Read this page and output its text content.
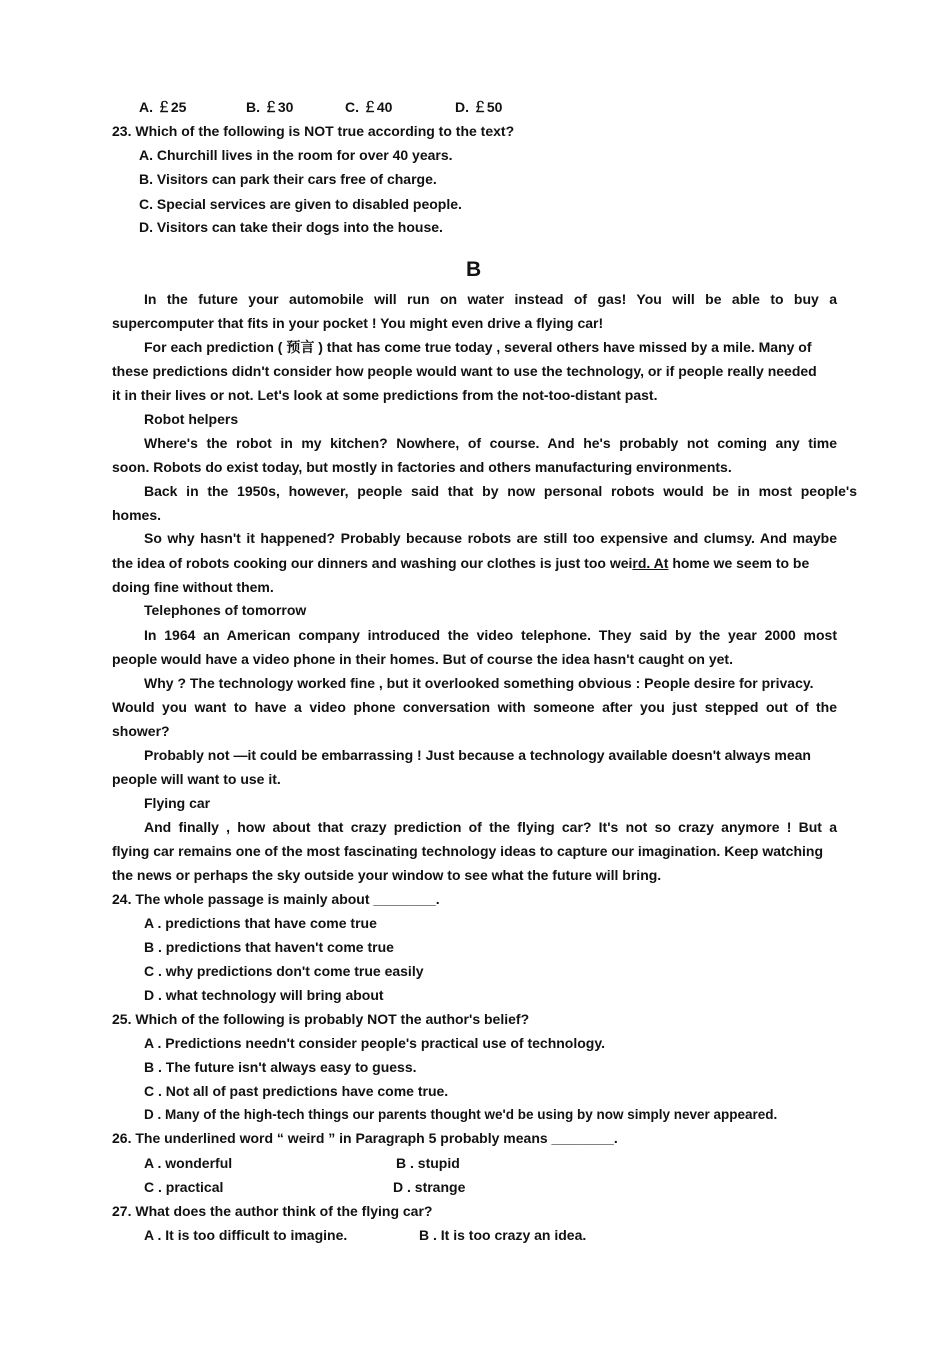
A. ￡25	B. ￡30	C. ￡40	D. ￡50
23. Which of the following is NOT true according to the text?
A. Churchill lives in the room for over 40 years.
B. Visitors can park their cars free of charge.
C. Special services are given to disabled people.
D. Visitors can take their dogs into the house.
B
In the future your automobile will run on water instead of gas! You will be able to buy a
supercomputer that fits in your pocket ! You might even drive a flying car!
For each prediction ( 预言 ) that has come true today , several others have missed by a mile. Many of
these predictions didn't consider how people would want to use the technology, or if people really needed
it in their lives or not. Let's look at some predictions from the not-too-distant past.
Robot helpers
Where's the robot in my kitchen? Nowhere, of course. And he's probably not coming any time
soon. Robots do exist today, but mostly in factories and others manufacturing environments.
Back in the 1950s, however, people said that by now personal robots would be in most people's
homes.
So why hasn't it happened? Probably because robots are still too expensive and clumsy. And maybe
the idea of robots cooking our dinners and washing our clothes is just too weird. At home we seem to be
doing fine without them.
Telephones of tomorrow
In 1964 an American company introduced the video telephone. They said by the year 2000 most
people would have a video phone in their homes. But of course the idea hasn't caught on yet.
Why ? The technology worked fine , but it overlooked something obvious : People desire for privacy.
Would you want to have a video phone conversation with someone after you just stepped out of the
shower?
Probably not —it could be embarrassing ! Just because a technology available doesn't always mean
people will want to use it.
Flying car
And finally , how about that crazy prediction of the flying car? It's not so crazy anymore ! But a
flying car remains one of the most fascinating technology ideas to capture our imagination. Keep watching
the news or perhaps the sky outside your window to see what the future will bring.
24. The whole passage is mainly about ________.
A . predictions that have come true
B . predictions that haven't come true
C . why predictions don't come true easily
D . what technology will bring about
25. Which of the following is probably NOT the author's belief?
A . Predictions needn't consider people's practical use of technology.
B . The future isn't always easy to guess.
C . Not all of past predictions have come true.
D . Many of the high-tech things our parents thought we'd be using by now simply never appeared.
26. The underlined word “ weird ” in Paragraph 5 probably means ________.
A . wonderful	B . stupid
C . practical	D . strange
27. What does the author think of the flying car?
A . It is too difficult to imagine.	B . It is too crazy an idea.
